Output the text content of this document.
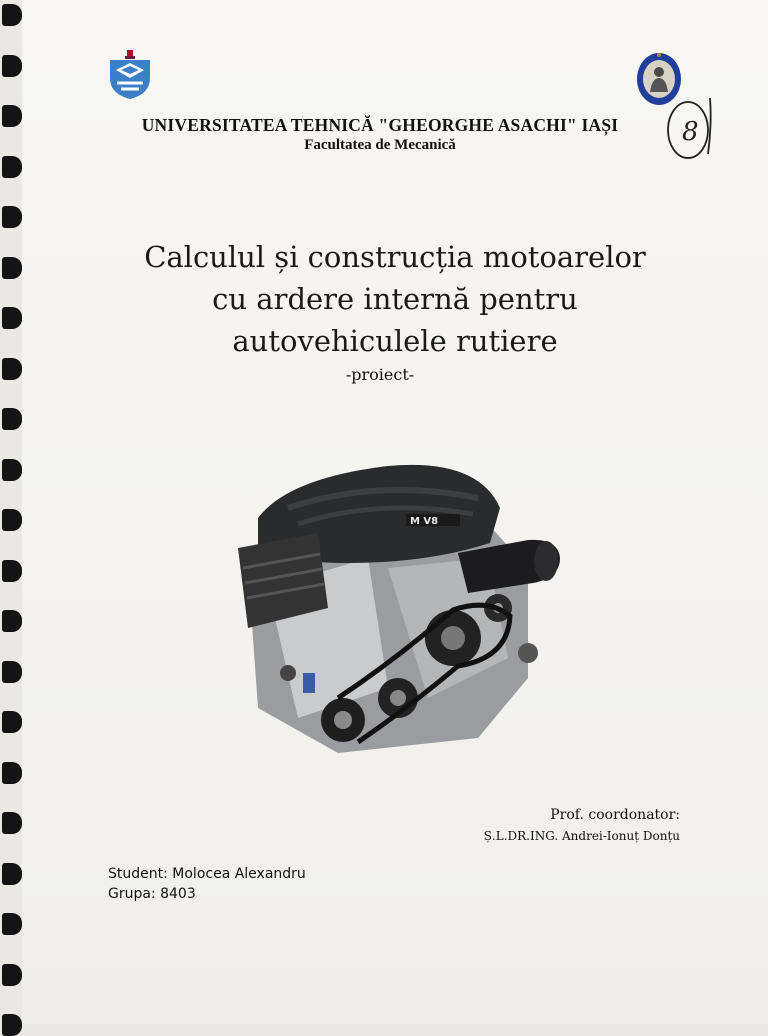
UNIVERSITATEA TEHNICĂ "GHEORGHE ASACHI" IAȘI
Facultatea de Mecanică	8
Calculul și construcția motoarelor
cu ardere internă pentru
autovehiculele rutiere
-proiect-
M V8
Prof. coordonator:
Ș.L.DR.ING. Andrei-Ionuț Donțu
Student: Molocea Alexandru
Grupa: 8403
